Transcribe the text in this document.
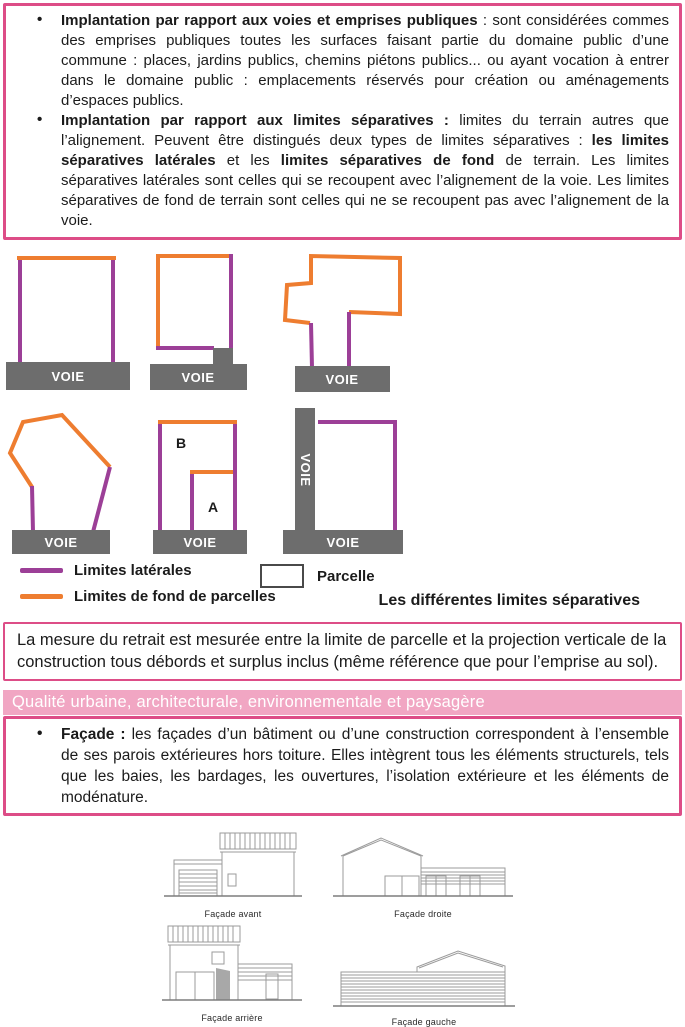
• Implantation par rapport aux voies et emprises publiques : sont considérées commes des emprises publiques toutes les surfaces faisant partie du domaine public d’une commune : places, jardins publics, chemins piétons publics... ou ayant vocation à entrer dans le domaine public : emplacements réservés pour création ou aménagements d’espaces publics.
• Implantation par rapport aux limites séparatives : limites du terrain autres que l’alignement. Peuvent être distingués deux types de limites séparatives : les limites séparatives latérales et les limites séparatives de fond de terrain. Les limites séparatives latérales sont celles qui se recoupent avec l’alignement de la voie. Les limites séparatives de fond de terrain sont celles qui ne se recoupent pas avec l’alignement de la voie.
VOIE	VOIE	VOIE
VOIE
B
A
VOIE	VOIE
VOIE
Limites latérales
Limites de fond de parcelles
Parcelle
Les différentes limites séparatives
La mesure du retrait est mesurée entre la limite de parcelle et la projection verticale de la construction tous débords et surplus inclus (même référence que pour l’emprise au sol).
Qualité urbaine, architecturale, environnementale et paysagère
• Façade : les façades d’un bâtiment ou d’une construction correspondent à l’ensemble de ses parois extérieures hors toiture. Elles intègrent tous les éléments structurels, tels que les baies, les bardages, les ouvertures, l’isolation extérieure et les éléments de modénature.
Façade avant	Façade droite
Façade arrière	Façade gauche
